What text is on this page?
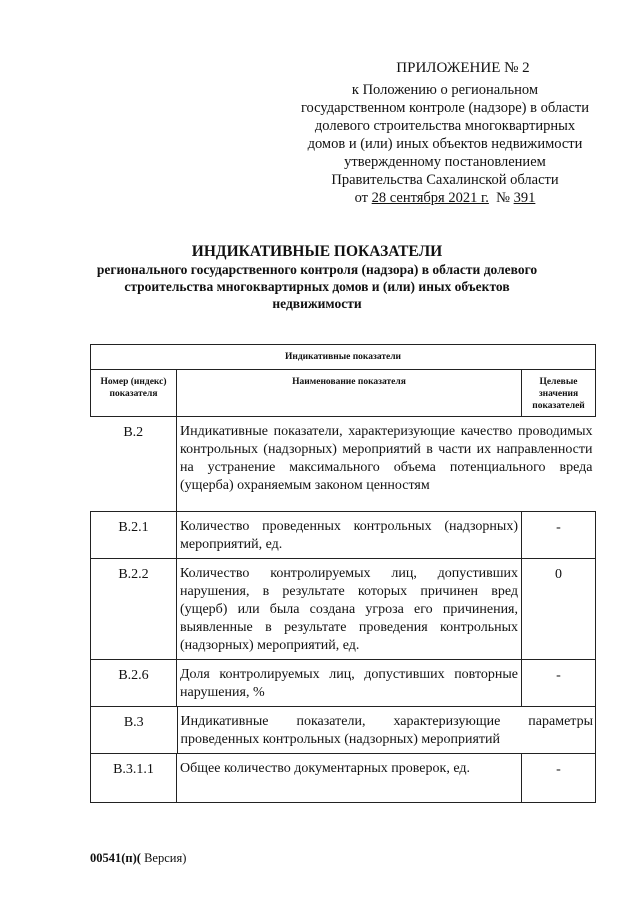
ПРИЛОЖЕНИЕ № 2
к Положению о региональном
государственном контроле (надзоре) в области
долевого строительства многоквартирных
домов и (или) иных объектов недвижимости
утвержденному постановлением
Правительства Сахалинской области
от 28 сентября 2021 г. № 391
ИНДИКАТИВНЫЕ ПОКАЗАТЕЛИ
регионального государственного контроля (надзора) в области долевого
строительства многоквартирных домов и (или) иных объектов
недвижимости
Индикативные показатели
Номер (индекс) показателя	Наименование показателя	Целевые значения показателей

В.2	Индикативные показатели, характеризующие качество проводимых контрольных (надзорных) мероприятий в части их направленности на устранение максимального объема потенциального вреда (ущерба) охраняемым законом ценностям

В.2.1	Количество проведенных контрольных (надзорных) мероприятий, ед.	-
В.2.2	Количество контролируемых лиц, допустивших нарушения, в результате которых причинен вред (ущерб) или была создана угроза его причинения, выявленные в результате проведения контрольных (надзорных) мероприятий, ед.	0
В.2.6	Доля контролируемых лиц, допустивших повторные нарушения, %	-

В.3	Индикативные показатели, характеризующие параметры проведенных контрольных (надзорных) мероприятий

В.3.1.1	Общее количество документарных проверок, ед.	-
00541(п)( Версия)
